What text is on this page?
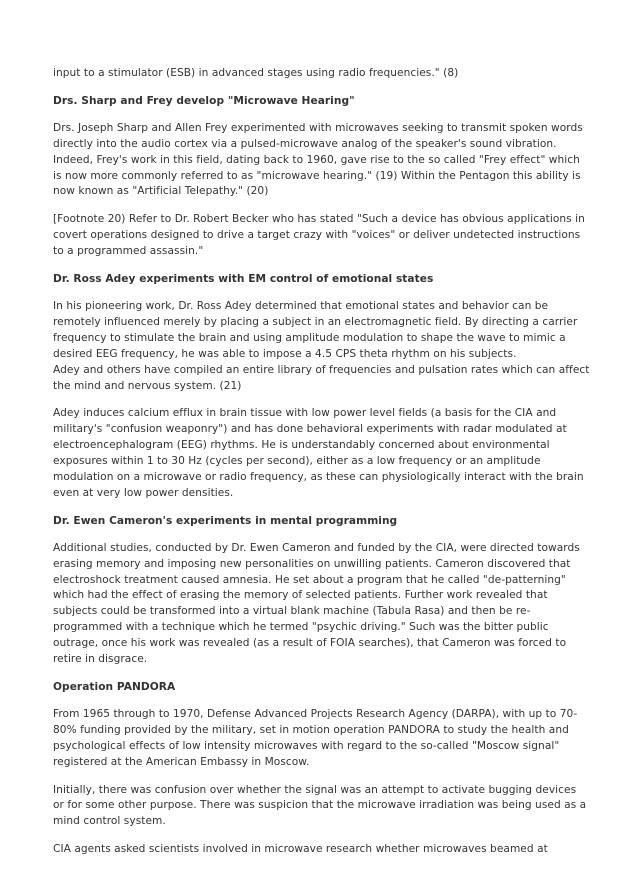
input to a stimulator (ESB) in advanced stages using radio frequencies." (8)

Drs. Sharp and Frey develop "Microwave Hearing"

Drs. Joseph Sharp and Allen Frey experimented with microwaves seeking to transmit spoken words
directly into the audio cortex via a pulsed-microwave analog of the speaker's sound vibration.
Indeed, Frey's work in this field, dating back to 1960, gave rise to the so called "Frey effect" which
is now more commonly referred to as "microwave hearing." (19) Within the Pentagon this ability is
now known as "Artificial Telepathy." (20)

[Footnote 20) Refer to Dr. Robert Becker who has stated "Such a device has obvious applications in
covert operations designed to drive a target crazy with "voices" or deliver undetected instructions
to a programmed assassin."

Dr. Ross Adey experiments with EM control of emotional states

In his pioneering work, Dr. Ross Adey determined that emotional states and behavior can be
remotely influenced merely by placing a subject in an electromagnetic field. By directing a carrier
frequency to stimulate the brain and using amplitude modulation to shape the wave to mimic a
desired EEG frequency, he was able to impose a 4.5 CPS theta rhythm on his subjects.
Adey and others have compiled an entire library of frequencies and pulsation rates which can affect
the mind and nervous system. (21)

Adey induces calcium efflux in brain tissue with low power level fields (a basis for the CIA and
military's "confusion weaponry") and has done behavioral experiments with radar modulated at
electroencephalogram (EEG) rhythms. He is understandably concerned about environmental
exposures within 1 to 30 Hz (cycles per second), either as a low frequency or an amplitude
modulation on a microwave or radio frequency, as these can physiologically interact with the brain
even at very low power densities.

Dr. Ewen Cameron's experiments in mental programming

Additional studies, conducted by Dr. Ewen Cameron and funded by the CIA, were directed towards
erasing memory and imposing new personalities on unwilling patients. Cameron discovered that
electroshock treatment caused amnesia. He set about a program that he called "de-patterning"
which had the effect of erasing the memory of selected patients. Further work revealed that
subjects could be transformed into a virtual blank machine (Tabula Rasa) and then be re-
programmed with a technique which he termed "psychic driving." Such was the bitter public
outrage, once his work was revealed (as a result of FOIA searches), that Cameron was forced to
retire in disgrace.

Operation PANDORA

From 1965 through to 1970, Defense Advanced Projects Research Agency (DARPA), with up to 70-
80% funding provided by the military, set in motion operation PANDORA to study the health and
psychological effects of low intensity microwaves with regard to the so-called "Moscow signal"
registered at the American Embassy in Moscow.

Initially, there was confusion over whether the signal was an attempt to activate bugging devices
or for some other purpose. There was suspicion that the microwave irradiation was being used as a
mind control system.

CIA agents asked scientists involved in microwave research whether microwaves beamed at
